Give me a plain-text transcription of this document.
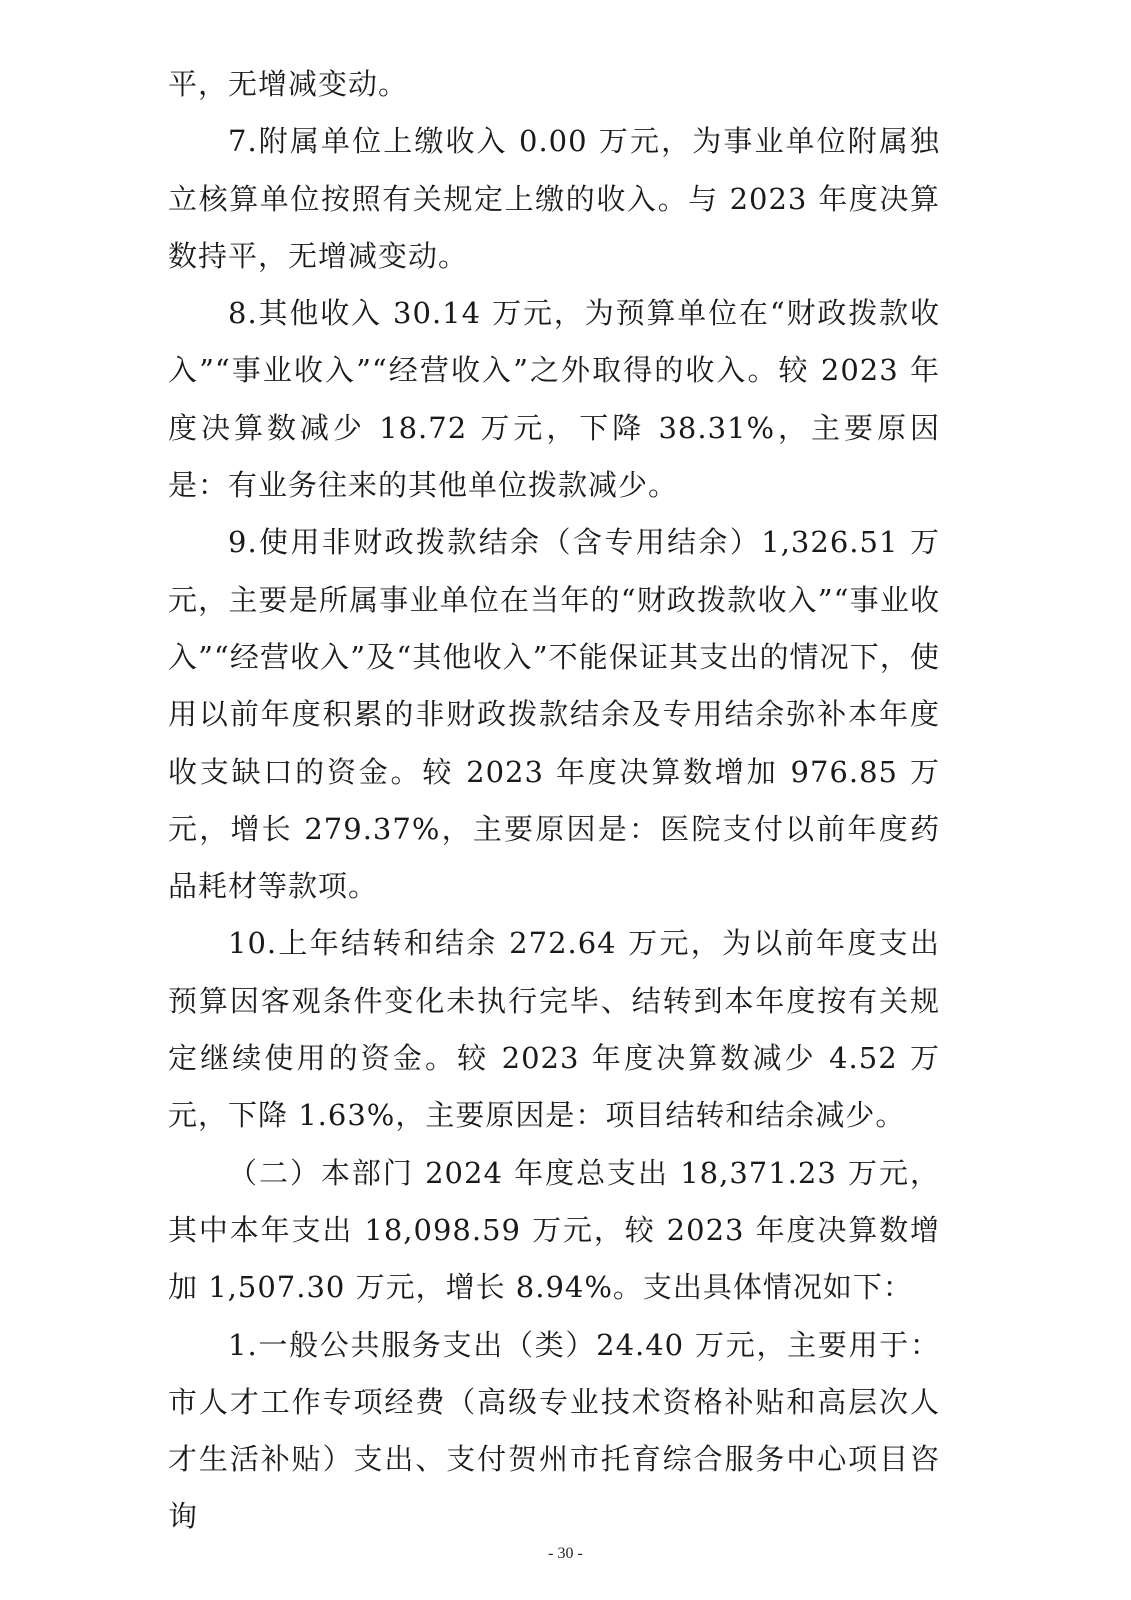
平，无增减变动。

7.附属单位上缴收入 0.00 万元，为事业单位附属独立核算单位按照有关规定上缴的收入。与 2023 年度决算数持平，无增减变动。

8.其他收入 30.14 万元，为预算单位在“财政拨款收入”“事业收入”“经营收入”之外取得的收入。较 2023 年度决算数减少 18.72 万元，下降 38.31%，主要原因是：有业务往来的其他单位拨款减少。

9.使用非财政拨款结余（含专用结余）1,326.51 万元，主要是所属事业单位在当年的“财政拨款收入”“事业收入”“经营收入”及“其他收入”不能保证其支出的情况下，使用以前年度积累的非财政拨款结余及专用结余弥补本年度收支缺口的资金。较 2023 年度决算数增加 976.85 万元，增长 279.37%，主要原因是：医院支付以前年度药品耗材等款项。

10.上年结转和结余 272.64 万元，为以前年度支出预算因客观条件变化未执行完毕、结转到本年度按有关规定继续使用的资金。较 2023 年度决算数减少 4.52 万元，下降 1.63%，主要原因是：项目结转和结余减少。

（二）本部门 2024 年度总支出 18,371.23 万元，其中本年支出 18,098.59 万元，较 2023 年度决算数增加 1,507.30 万元，增长 8.94%。支出具体情况如下：

1.一般公共服务支出（类）24.40 万元，主要用于：市人才工作专项经费（高级专业技术资格补贴和高层次人才生活补贴）支出、支付贺州市托育综合服务中心项目咨询

- 30 -
